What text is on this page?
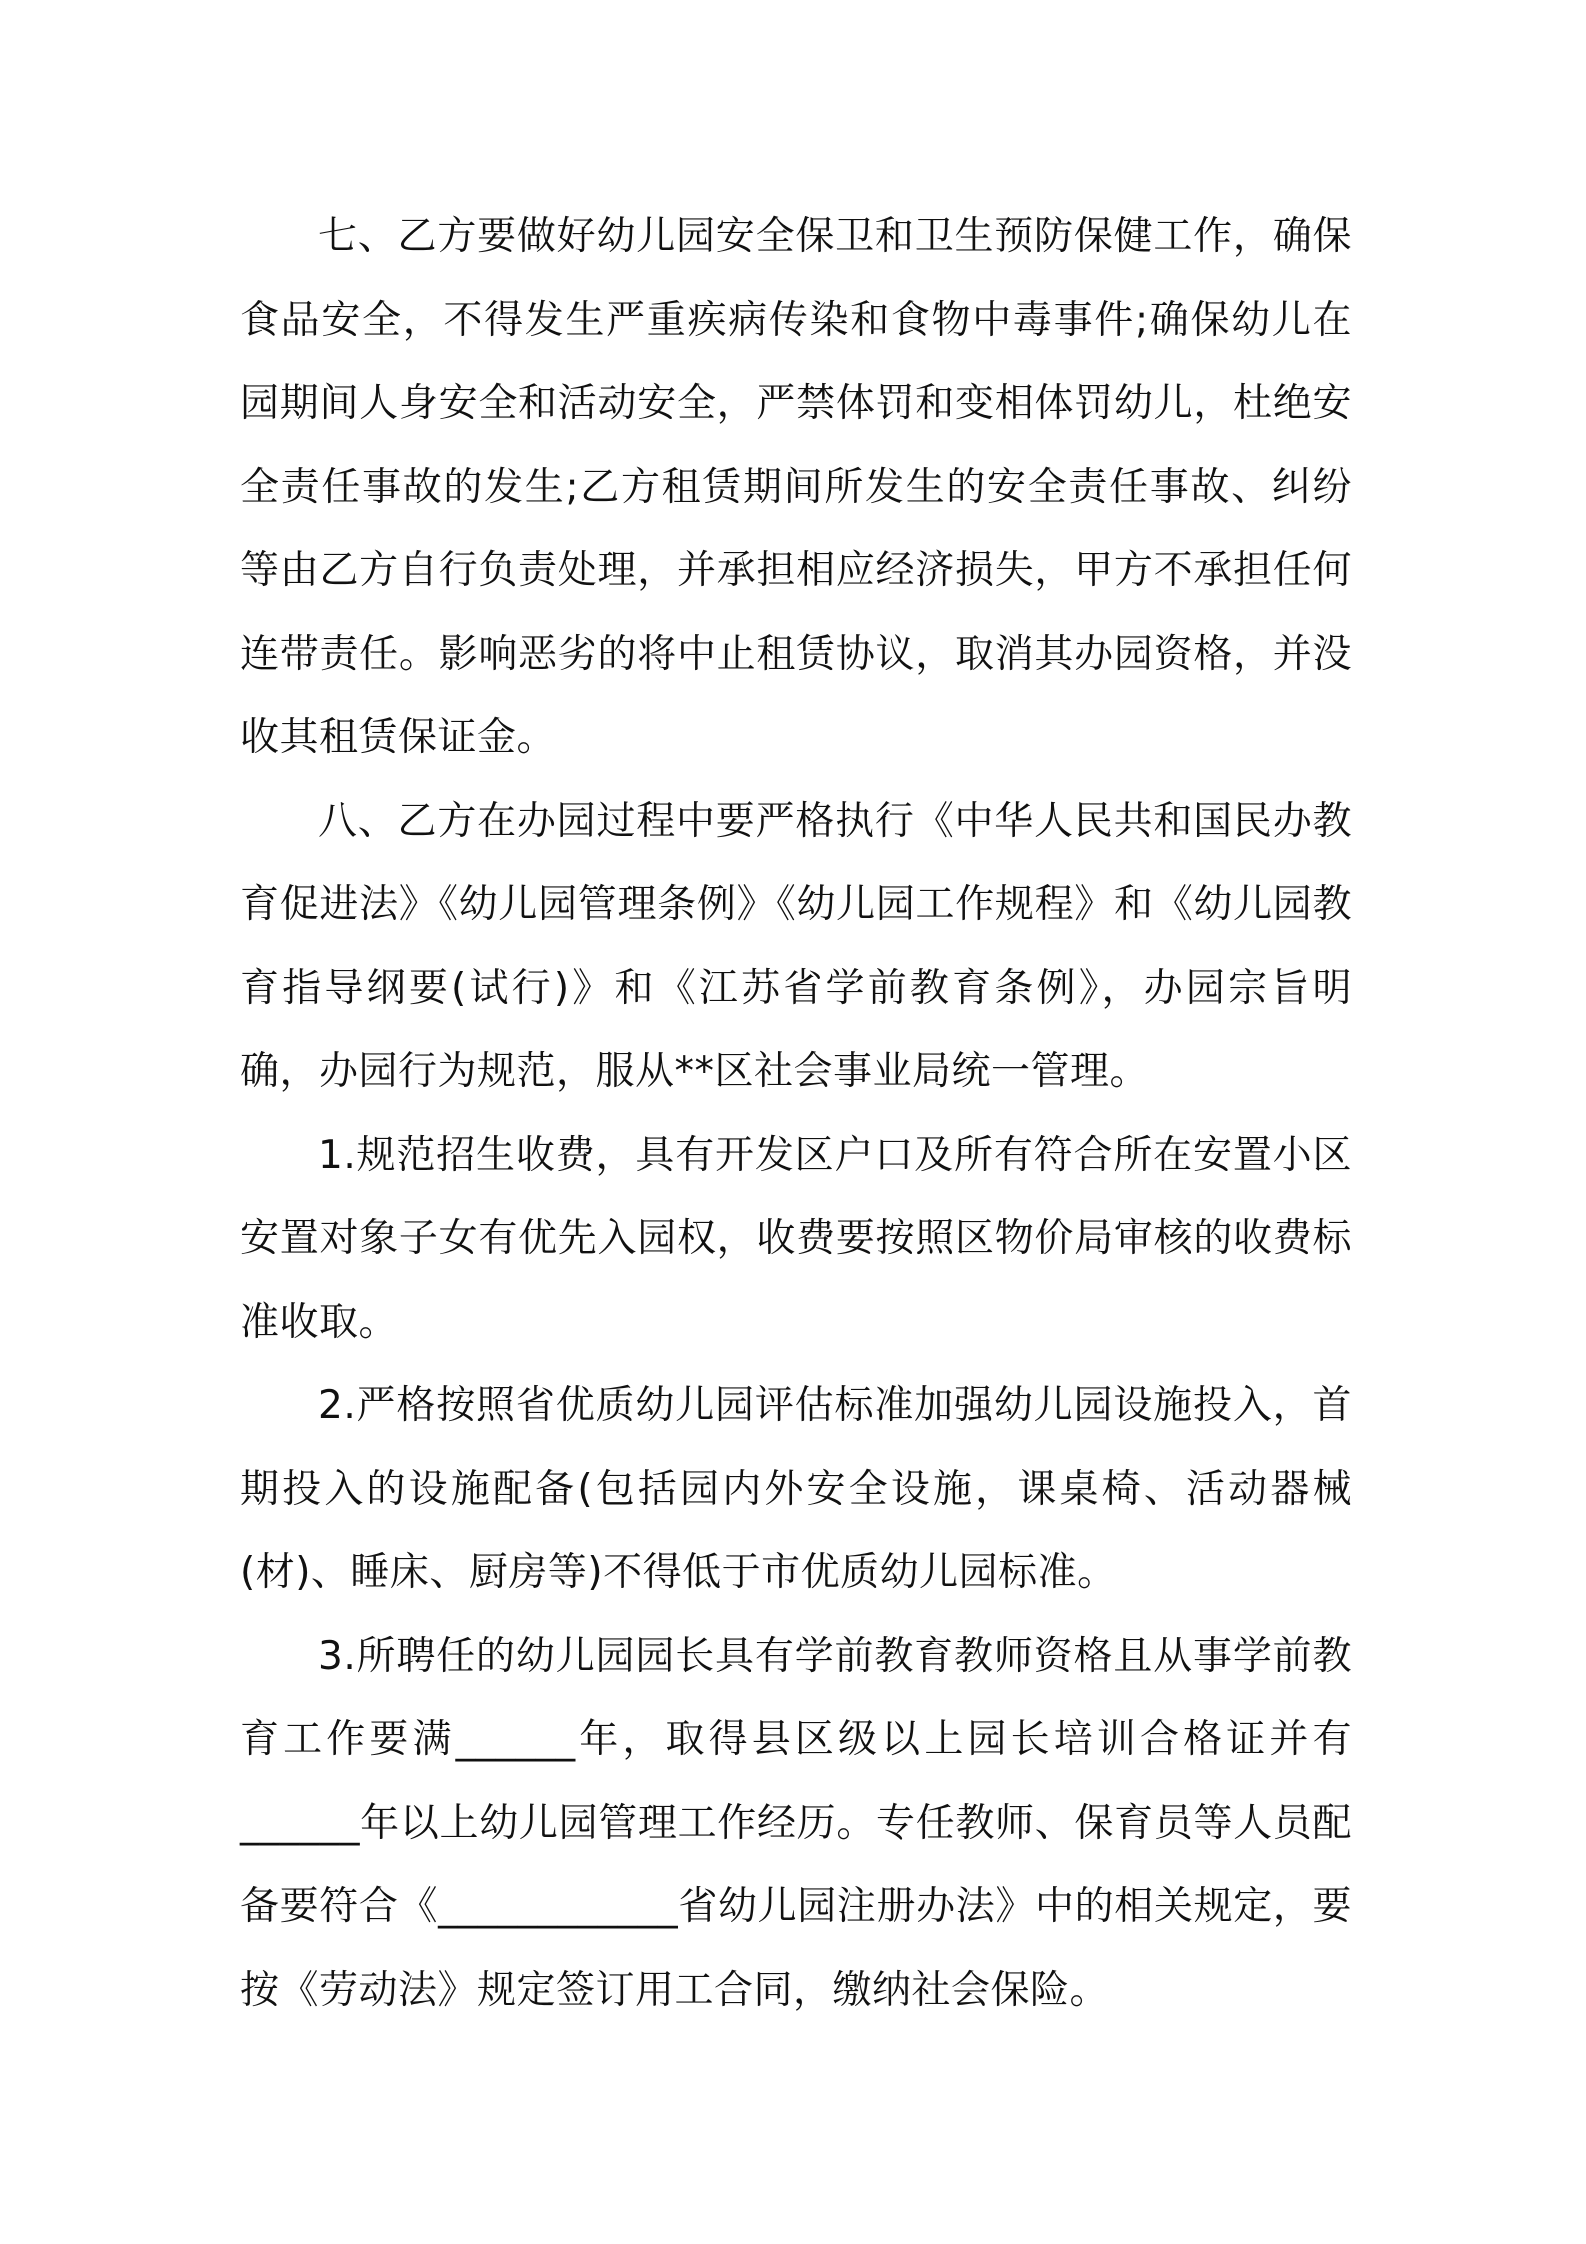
七、乙方要做好幼儿园安全保卫和卫生预防保健工作，确保食品安全，不得发生严重疾病传染和食物中毒事件;确保幼儿在园期间人身安全和活动安全，严禁体罚和变相体罚幼儿，杜绝安全责任事故的发生;乙方租赁期间所发生的安全责任事故、纠纷等由乙方自行负责处理，并承担相应经济损失，甲方不承担任何连带责任。影响恶劣的将中止租赁协议，取消其办园资格，并没收其租赁保证金。

八、乙方在办园过程中要严格执行《中华人民共和国民办教育促进法》《幼儿园管理条例》《幼儿园工作规程》和《幼儿园教育指导纲要(试行)》和《江苏省学前教育条例》，办园宗旨明确，办园行为规范，服从**区社会事业局统一管理。

1.规范招生收费，具有开发区户口及所有符合所在安置小区安置对象子女有优先入园权，收费要按照区物价局审核的收费标准收取。

2.严格按照省优质幼儿园评估标准加强幼儿园设施投入，首期投入的设施配备(包括园内外安全设施，课桌椅、活动器械(材)、睡床、厨房等)不得低于市优质幼儿园标准。

3.所聘任的幼儿园园长具有学前教育教师资格且从事学前教育工作要满______年，取得县区级以上园长培训合格证并有______年以上幼儿园管理工作经历。专任教师、保育员等人员配备要符合《____________省幼儿园注册办法》中的相关规定，要按《劳动法》规定签订用工合同，缴纳社会保险。
